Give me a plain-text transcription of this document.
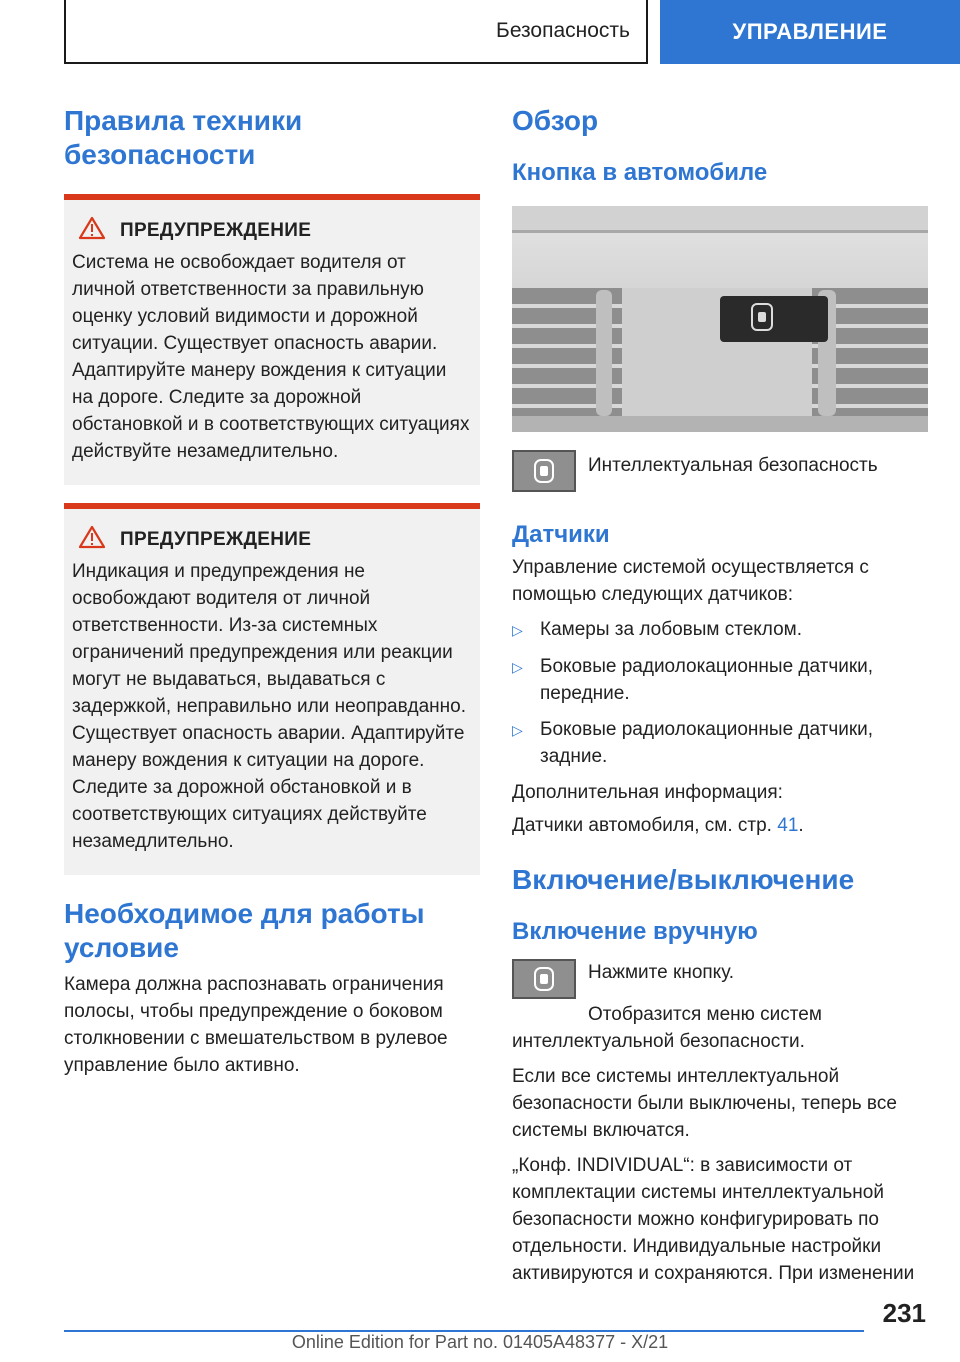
Безопасность	УПРАВЛЕНИЕ
Правила техники безопасности
ПРЕДУПРЕЖДЕНИЕ

Система не освобождает водителя от личной ответственности за правильную оценку условий видимости и дорожной ситуации. Существует опасность аварии. Адаптируйте манеру вождения к ситуации на дороге. Следите за дорожной обстановкой и в соответствующих ситуациях действуйте незамедлительно.

ПРЕДУПРЕЖДЕНИЕ

Индикация и предупреждения не освобождают водителя от личной ответственности. Из-за системных ограничений предупреждения или реакции могут не выдаваться, выдаваться с задержкой, неправильно или неоправданно. Существует опасность аварии. Адаптируйте манеру вождения к ситуации на дороге. Следите за дорожной обстановкой и в соответствующих ситуациях действуйте незамедлительно.

Необходимое для работы условие

Камера должна распознавать ограничения полосы, чтобы предупреждение о боковом столкновении с вмешательством в рулевое управление было активно.

Обзор
Кнопка в автомобиле

Интеллектуальная безопасность

Датчики

Управление системой осуществляется с помощью следующих датчиков:

▷ Камеры за лобовым стеклом.
▷ Боковые радиолокационные датчики, передние.
▷ Боковые радиолокационные датчики, задние.

Дополнительная информация:

Датчики автомобиля, см. стр. 41.

Включение/выключение
Включение вручную

Нажмите кнопку.

Отобразится меню систем интеллектуальной безопасности.

Если все системы интеллектуальной безопасности были выключены, теперь все системы включатся.

„Конф. INDIVIDUAL“: в зависимости от комплектации системы интеллектуальной безопасности можно конфигурировать по отдельности. Индивидуальные настройки активируются и сохраняются. При изменении

231
Online Edition for Part no. 01405A48377 - X/21
